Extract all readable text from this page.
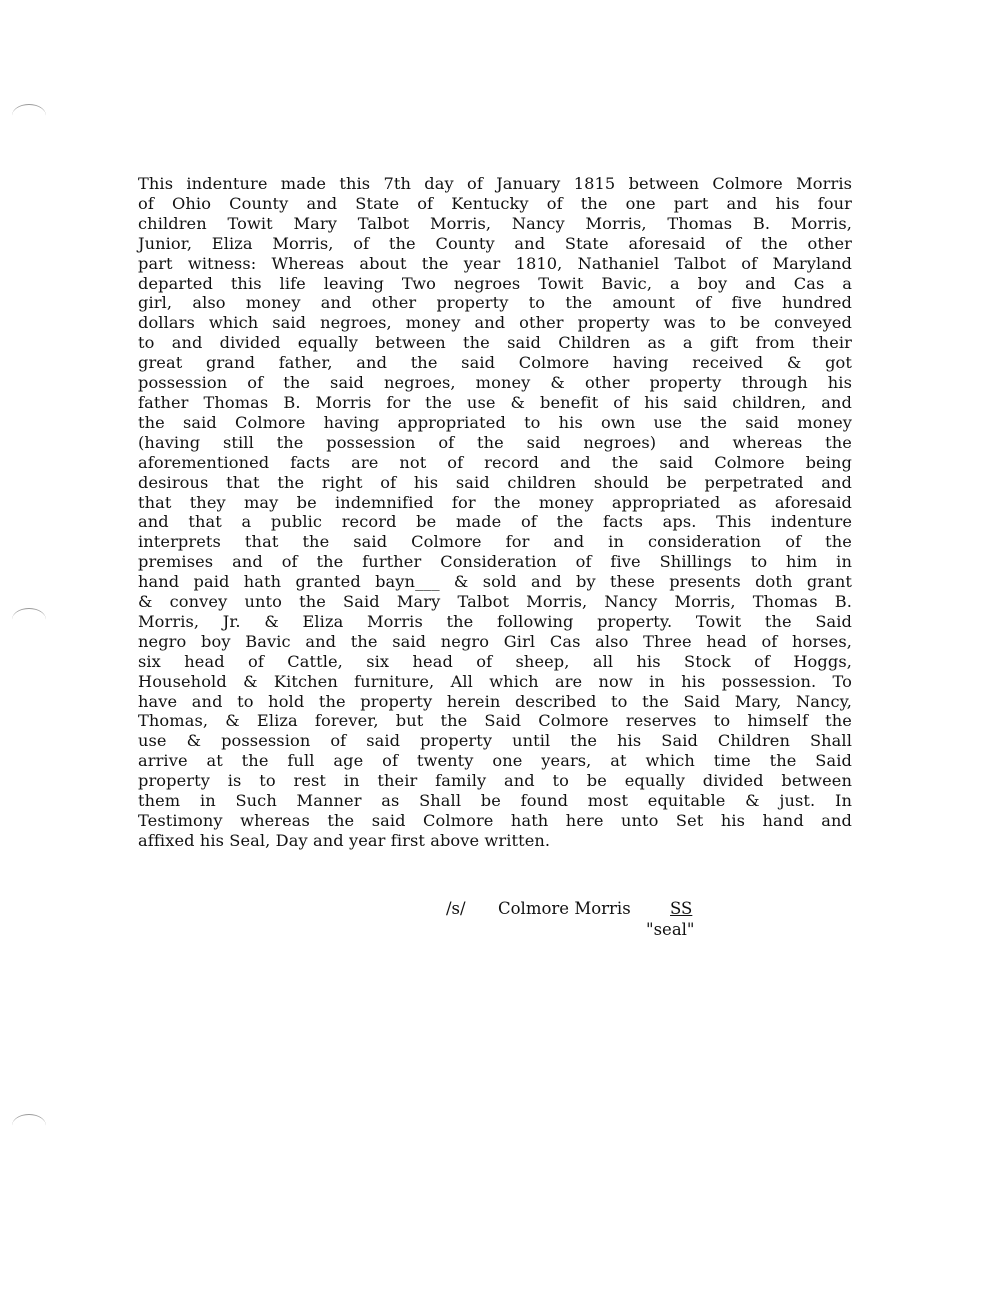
This indenture made this 7th day of January 1815 between Colmore Morris
of Ohio County and State of Kentucky of the one part and his four
children Towit Mary Talbot Morris, Nancy Morris, Thomas B. Morris,
Junior, Eliza Morris, of the County and State aforesaid of the other
part witness: Whereas about the year 1810, Nathaniel Talbot of Maryland
departed this life leaving Two negroes Towit Bavic, a boy and Cas a
girl, also money and other property to the amount of five hundred
dollars which said negroes, money and other property was to be conveyed
to and divided equally between the said Children as a gift from their
great grand father, and the said Colmore having received & got
possession of the said negroes, money & other property through his
father Thomas B. Morris for the use & benefit of his said children, and
the said Colmore having appropriated to his own use the said money
(having still the possession of the said negroes) and whereas the
aforementioned facts are not of record and the said Colmore being
desirous that the right of his said children should be perpetrated and
that they may be indemnified for the money appropriated as aforesaid
and that a public record be made of the facts aps. This indenture
interprets that the said Colmore for and in consideration of the
premises and of the further Consideration of five Shillings to him in
hand paid hath granted bayn___ & sold and by these presents doth grant
& convey unto the Said Mary Talbot Morris, Nancy Morris, Thomas B.
Morris, Jr. & Eliza Morris the following property. Towit the Said
negro boy Bavic and the said negro Girl Cas also Three head of horses,
six head of Cattle, six head of sheep, all his Stock of Hoggs,
Household & Kitchen furniture, All which are now in his possession. To
have and to hold the property herein described to the Said Mary, Nancy,
Thomas, & Eliza forever, but the Said Colmore reserves to himself the
use & possession of said property until the his Said Children Shall
arrive at the full age of twenty one years, at which time the Said
property is to rest in their family and to be equally divided between
them in Such Manner as Shall be found most equitable & just. In
Testimony whereas the said Colmore hath here unto Set his hand and
affixed his Seal, Day and year first above written.
/s/	Colmore Morris	SS
"seal"
